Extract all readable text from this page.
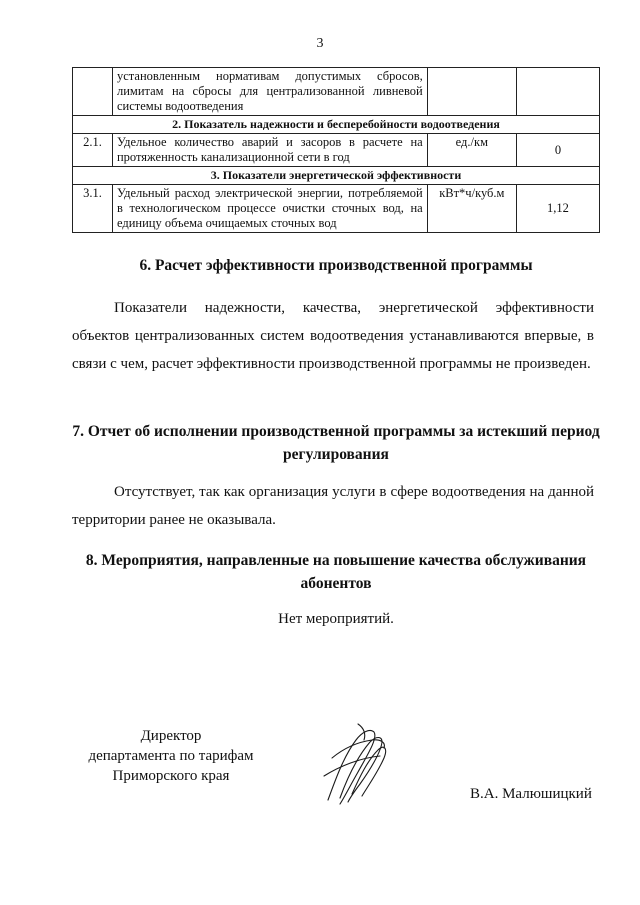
3
	установленным нормативам допустимых сбросов, лимитам на сбросы для централизованной ливневой системы водоотведения		
2. Показатель надежности и бесперебойности водоотведения			
2.1.	Удельное количество аварий и засоров в расчете на протяженность канализационной сети в год	ед./км	0
3. Показатели энергетической эффективности			
3.1.	Удельный расход электрической энергии, потребляемой в технологическом процессе очистки сточных вод, на единицу объема очищаемых сточных вод	кВт*ч/куб.м	1,12
6. Расчет эффективности производственной программы
Показатели надежности, качества, энергетической эффективности объектов централизованных систем водоотведения устанавливаются впервые, в связи с чем, расчет эффективности производственной программы не произведен.
7. Отчет об исполнении производственной программы за истекший период
регулирования
Отсутствует, так как организация услуги в сфере водоотведения на данной территории ранее не оказывала.
8. Мероприятия, направленные на повышение качества обслуживания
абонентов
Нет мероприятий.
Директор
департамента по тарифам
Приморского края
В.А. Малюшицкий
